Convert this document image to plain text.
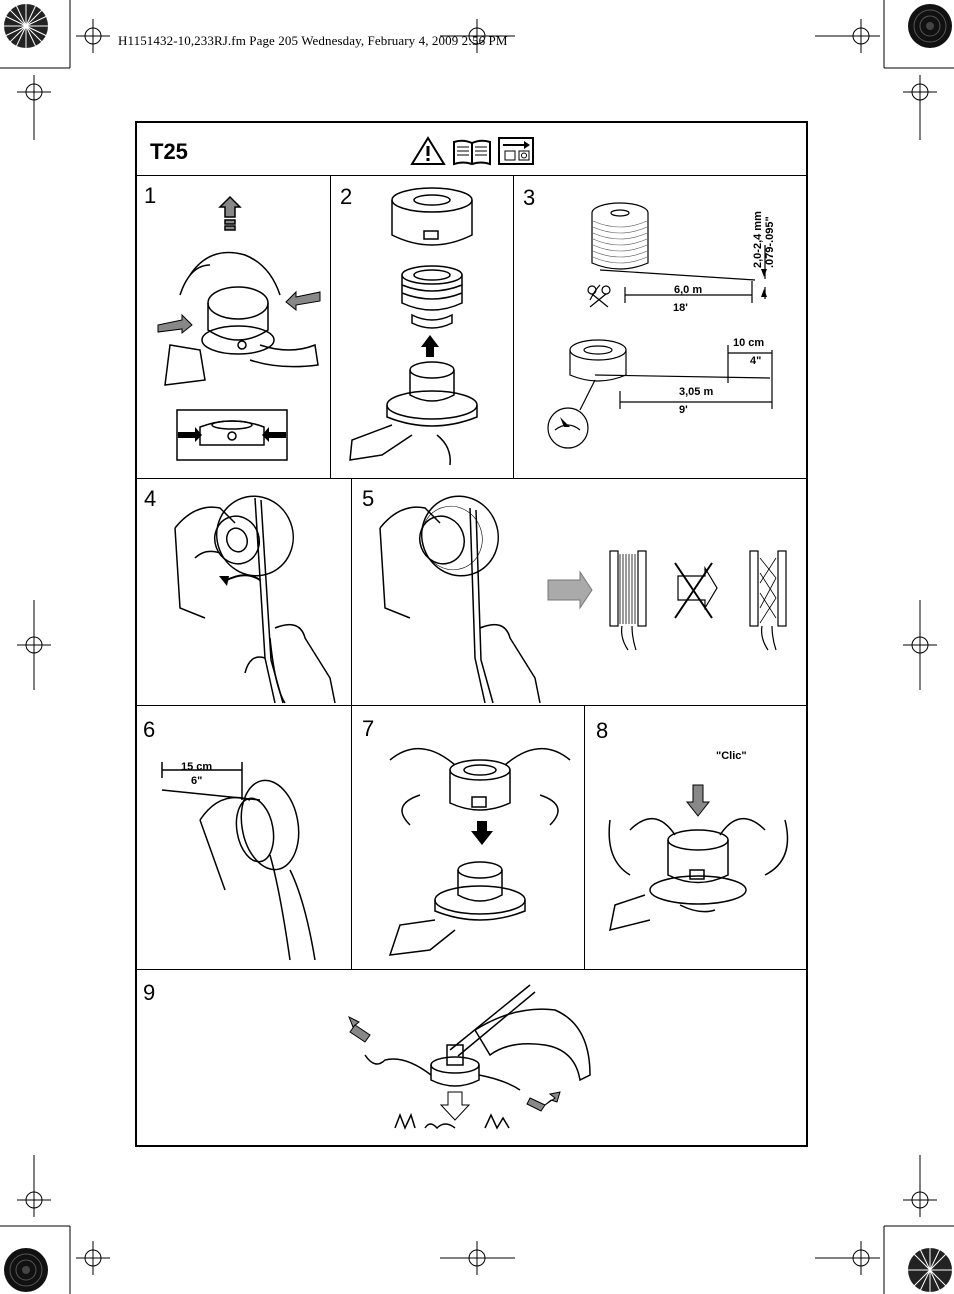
H1151432-10,233RJ.fm Page 205 Wednesday, February 4, 2009 2:56 PM
T25
1	2	3
4	5
6	7	8
9
2,0-2,4 mm .079-.095"
6,0 m
18'
10 cm
4"
3,05 m
9'
15 cm
6"
"Clic"
